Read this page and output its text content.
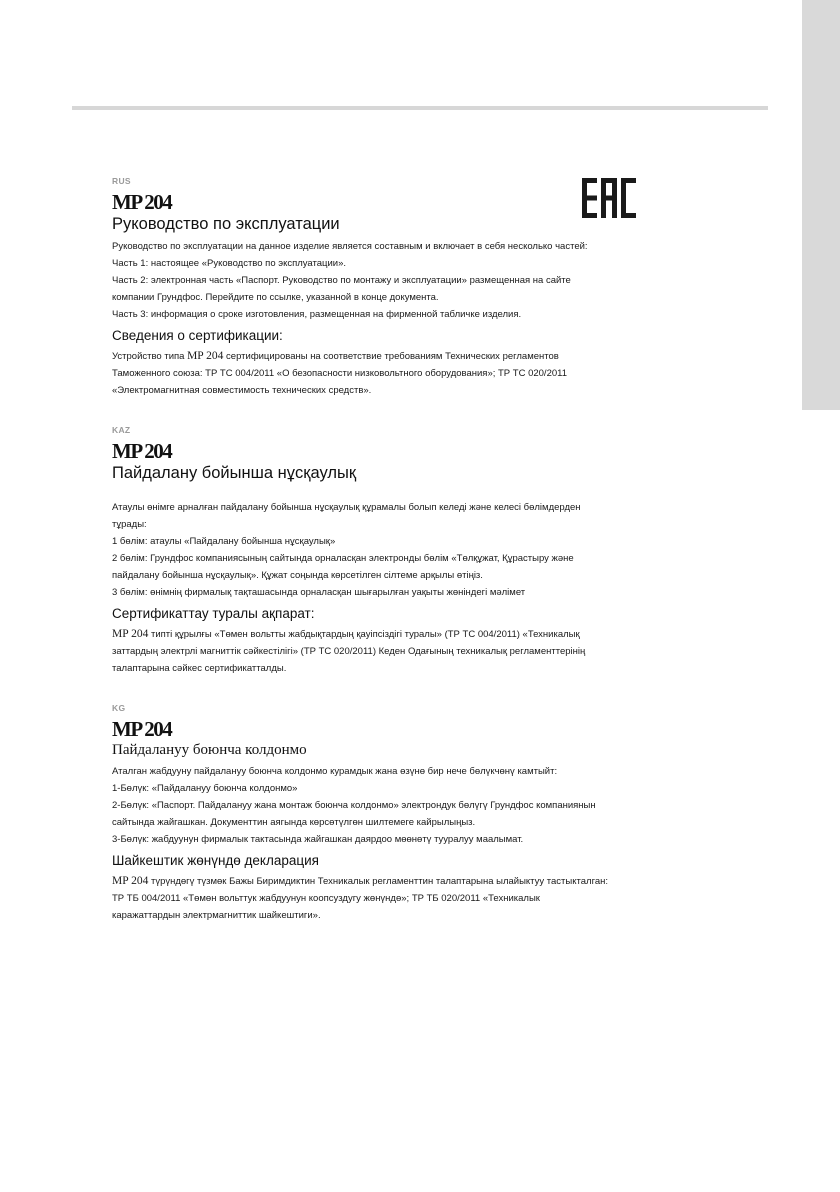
RUS

MP 204

Руководство по эксплуатации

Руководство по эксплуатации на данное изделие является составным и включает в себя несколько частей:

Часть 1: настоящее «Руководство по эксплуатации».

Часть 2: электронная часть «Паспорт. Руководство по монтажу и эксплуатации» размещенная на сайте

компании Грундфос. Перейдите по ссылке, указанной в конце документа.

Часть 3: информация о сроке изготовления, размещенная на фирменной табличке изделия.

Сведения о сертификации:

Устройство типа MP 204 сертифицированы на соответствие требованиям Технических регламентов

Таможенного союза: ТР ТС 004/2011 «О безопасности низковольтного оборудования»; ТР ТС 020/2011

«Электромагнитная совместимость технических средств».

KAZ

MP 204

Пайдалану бойынша нұсқаулық

Атаулы өнімге арналған пайдалану бойынша нұсқаулық құрамалы болып келеді және келесі бөлімдерден

тұрады:

1 бөлім: атаулы «Пайдалану бойынша нұсқаулық»

2 бөлім: Грундфос компаниясының сайтында орналасқан электронды бөлім «Төлқұжат, Құрастыру және

пайдалану бойынша нұсқаулық». Құжат соңында көрсетілген сілтеме арқылы өтіңіз.

3 бөлім: өнімнің фирмалық тақташасында орналасқан шығарылған уақыты жөніндегі мәлімет

Сертификаттау туралы ақпарат:

MP 204 типті құрылғы «Төмен вольтты жабдықтардың қауіпсіздігі туралы» (ТР ТС 004/2011) «Техникалық

заттардың электрлі магниттік сәйкестілігі» (ТР ТС 020/2011) Кеден Одағының техникалық регламенттерінің

талаптарына сәйкес сертификатталды.

KG

MP 204

Пайдалануу боюнча колдонмо

Аталган жабдууну пайдалануу боюнча колдонмо курамдык жана өзүнө бир нече бөлүкчөнү камтыйт:

1-Бөлүк: «Пайдалануу боюнча колдонмо»

2-Бөлүк: «Паспорт. Пайдалануу жана монтаж боюнча колдонмо» электрондук бөлүгү Грундфос компаниянын

сайтында жайгашкан. Документтин аягында көрсөтүлгөн шилтемеге кайрылыңыз.

3-Бөлүк: жабдуунун фирмалык тактасында жайгашкан даярдоо мөөнөтү тууралуу маалымат.

Шайкештик жөнүндө декларация

MP 204 түрүндөгү түзмөк Бажы Биримдиктин Техникалык регламенттин талаптарына ылайыктуу тастыкталган:

ТР ТБ 004/2011 «Төмөн вольттук жабдуунун коопсуздугу жөнүндө»; ТР ТБ 020/2011 «Техникалык

каражаттардын электрмагниттик шайкештиги».
